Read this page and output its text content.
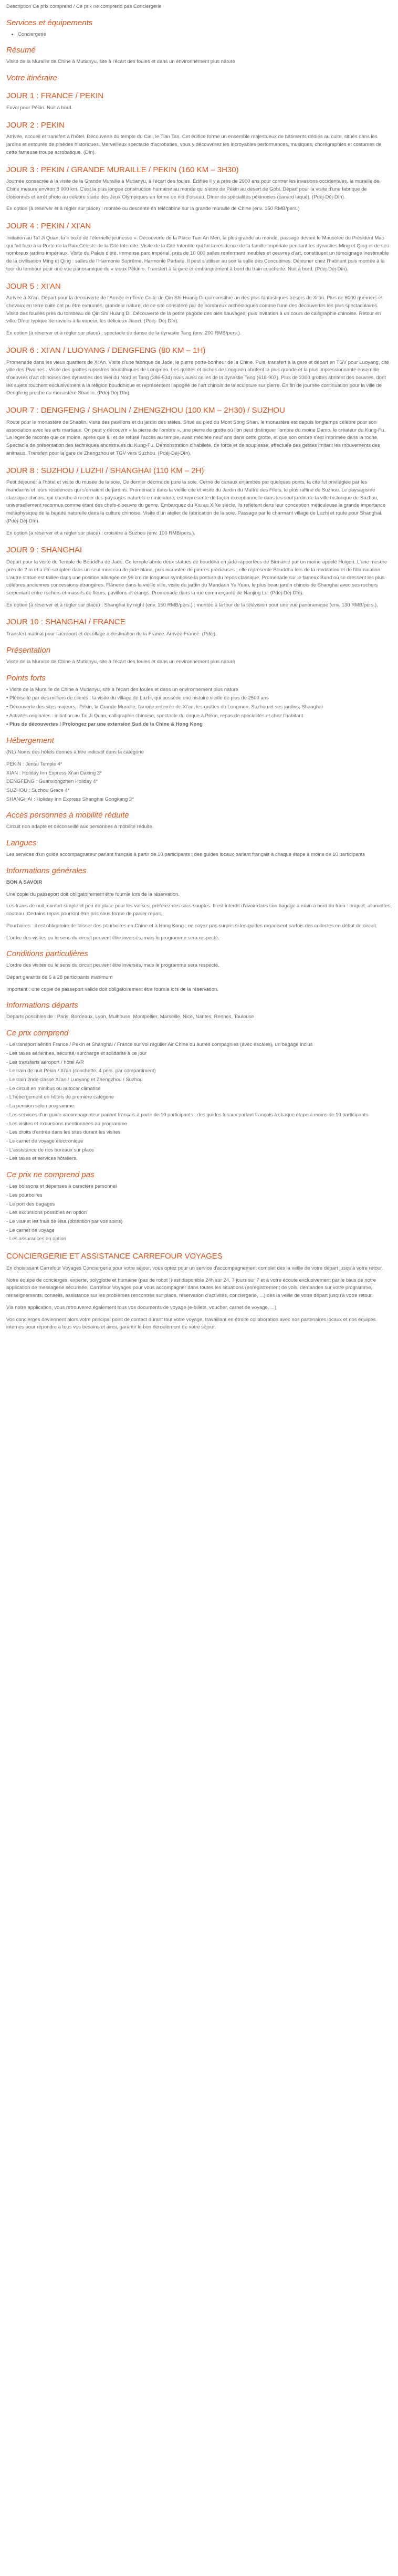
Description Ce prix comprend / Ce prix ne comprend pas Conciergerie
Services et équipements
• Conciergerie
Résumé

Visite de la Muraille de Chine à Mutianyu, site à l'écart des foules et dans un environnement plus nature

Votre itinéraire
JOUR 1 : FRANCE / PEKIN

Envol pour Pékin. Nuit à bord.

JOUR 2 : PEKIN

Arrivée, accueil et transfert à l'hôtel. Découverte du temple du Ciel, le Tian Tan. Cet édifice forme un ensemble majestueux de bâtiments dédiés au culte, situés dans les jardins et entourés de pinèdes historiques. Merveilleux spectacle d'acrobaties, vous y découvrirez les incroyables performances, musiques, chorégraphies et costumes de cette fameuse troupe acrobatique. (Dîn).

JOUR 3 : PEKIN / GRANDE MURAILLE / PEKIN (160 KM – 3H30)

Journée consacrée à la visite de la Grande Muraille à Mutianyu, à l'écart des foules. Édifiée il y a près de 2000 ans pour contrer les invasions occidentales, la muraille de Chine mesure environ 8 000 km. C'est la plus longue construction humaine au monde qui s'étire de Pékin au désert de Gobi. Départ pour la visite d'une fabrique de cloisonnés et arrêt photo au célèbre stade des Jeux Olympiques en forme de nid d'oiseau. Dîner de spécialités pékinoises (canard laqué). (Pdéj-Déj-Dîn).

En option (à réserver et à régler sur place) : montée ou descente en télécabine sur la grande muraille de Chine (env. 150 RMB/pers.)

JOUR 4 : PEKIN / XI'AN

Initiation au Taï Ji Quan, la « boxe de l'éternelle jeunesse ». Découverte de la Place Tian An Men, la plus grande au monde, passage devant le Mausolée du Président Mao qui fait face à la Porte de la Paix Céleste de la Cité Interdite. Visite de la Cité Interdite qui fut la résidence de la famille Impériale pendant les dynasties Ming et Qing et de ses nombreux jardins impériaux. Visite du Palais d'été, immense parc impérial, près de 10 000 salles renfermant meubles et oeuvres d'art, constituent un témoignage inestimable de la civilisation Ming et Qing : salles de l'Harmonie Suprême, Harmonie Parfaite. Il peut s'utiliser au soir la salle des Concubines. Déjeuner chez l'habitant puis montée à la tour du tambour pour une vue panoramique du « vieux Pékin ». Transfert à la gare et embarquement à bord du train couchette. Nuit à bord. (Pdéj-Déj-Dîn).

JOUR 5 : XI'AN

Arrivée à Xi'an. Départ pour la découverte de l'Armée en Terre Cuite de Qin Shi Huang Di qui constitue un des plus fantastiques trésors de Xi'an. Plus de 6000 guerriers et chevaux en terre cuite ont pu être exhumés, grandeur nature, de ce site considéré par de nombreux archéologues comme l'une des découvertes les plus spectaculaires. Visite des fouilles près du tombeau de Qin Shi Huang Di. Découverte de la petite pagode des oies sauvages, puis invitation à un cours de calligraphie chinoise. Retour en ville. Dîner typique de raviolis à la vapeur, les délicieux Jiaozi. (Pdéj- Déj-Dîn).

En option (à réserver et à régler sur place) : spectacle de danse de la dynastie Tang (env. 200 RMB/pers.).

JOUR 6 : XI'AN / LUOYANG / DENGFENG (80 KM – 1H)

Promenade dans les vieux quartiers de Xi'An. Visite d'une fabrique de Jade, le pierre porte-bonheur de la Chine. Puis, transfert à la gare et départ en TGV pour Luoyang, cité ville des Pivoines . Visite des grottes rupestres bouddhiques de Longmen. Les grottes et niches de Longmen abritent la plus grande et la plus impressionnante ensemble d'oeuvres d'art chinoises des dynasties des Wei du Nord et Tang (386-534) mais aussi celles de la dynastie Tang (618-907). Plus de 2300 grottes abritent des oeuvres, dont les sujets touchent exclusivement à la religion bouddhique et représentent l'apogée de l'art chinois de la sculpture sur pierre. En fin de journée continuation pour la ville de Dengfeng proche du monastère Shaolin. (Pdéj-Déj-Dîn).

JOUR 7 : DENGFENG / SHAOLIN / ZHENGZHOU (100 KM – 2H30) / SUZHOU

Route pour le monastère de Shaolin, visite des pavillons et du jardin des stèles. Situé au pied du Mont Song Shan, le monastère est depuis longtemps célèbre pour son association avec les arts martiaux. On peut y découvrir « la pierre de l'ombre », une pierre de grotte où l'on peut distinguer l'ombre du moine Damo, le créateur du Kung-Fu. La légende raconte que ce moine, après que lui et de refusé l'accès au temple, avait méditée neuf ans dans cette grotte, et que son ombre s'est imprimée dans la roche. Spectacle de présentation des techniques ancestrales du Kung-Fu. Démonstration d'habileté, de force et de souplesse, effectuée des gestes imitant les mouvements des animaux. Transfert pour la gare de Zhengzhou et TGV vers Suzhou. (Pdéj-Déj-Dîn).

JOUR 8 : SUZHOU / LUZHI / SHANGHAI (110 KM – 2H)

Petit déjeuner à l'hôtel et visite du musée de la soie. Ce dernier décrira de pure la soie. Cerné de canaux enjambés par quelques ponts, la cité fut privilégiée par les mandarins et leurs résidences qui s'ornaient de jardins. Promenade dans la vieille cité et visite du Jardin du Maître des Filets, le plus raffiné de Suzhou. Le paysagisme classique chinois, qui cherche à recréer des paysages naturels en miniature, est représenté de façon exceptionnelle dans les seul jardin de la ville historique de Suzhou, universellement reconnus comme étant des chefs-d'oeuvre du genre. Embarquez du Xiu au XIXe siècle, ils reflètent dans leur conception méticuleuse la grande importance métaphysique de la beauté naturelle dans la culture chinoise. Visite d'un atelier de fabrication de la soie. Passage par le charmant village de Luzhi et route pour Shanghai. (Pdéj-Déj-Dîn).

En option (à réserver et à régler sur place) : croisière à Suzhou (env. 100 RMB/pers.).

JOUR 9 : SHANGHAI

Départ pour la visite du Temple de Bouddha de Jade. Ce temple abrite deux statues de bouddha en jade rapportées de Birmanie par un moine appelé Huigen. L'une mesure près de 2 m et a été sculptée dans un seul morceau de jade blanc, puis incrustée de pierres précieuses ; elle représente Bouddha lors de la méditation et de l'illumination. L'autre statue est taillée dans une position allongée de 96 cm de longueur symbolise la posture du repos classique. Promenade sur le fameux Bund où se dressent les plus célèbres anciennes concessions étrangères. Flânerie dans la vieille ville, visite du jardin du Mandarin Yu Yuan, le plus beau jardin chinois de Shanghai avec ses rochers serpentant entre rochers et massifs de fleurs, pavillons et étangs. Promenade dans la rue commerçante de Nanjing Lu. (Pdéj-Déj-Dîn).

En option (à réserver et à régler sur place) : Shanghai by night (env. 150 RMB/pers.) ; montée à la tour de la télévision pour une vue panoramique (env. 130 RMB/pers.).

JOUR 10 : SHANGHAI / FRANCE

Transfert matinal pour l'aéroport et décollage à destination de la France. Arrivée France. (Pdéj).

Présentation

Visite de la Muraille de Chine à Mutianyu, site à l'écart des foules et dans un environnement plus nature

Points forts
• Visite de la Muraille de Chine à Mutianyu, site à l'écart des foules et dans un environnement plus nature
• Plébiscité par des milliers de clients : la visite du village de Luzhi, qui possède une histoire vieille de plus de 2500 ans
• Découverte des sites majeurs : Pékin, la Grande Muraille, l'armée enterrée de Xi'an, les grottes de Longmen, Suzhou et ses jardins, Shanghai
• Activités originales : initiation au Tai Ji Quan, calligraphie chinoise, spectacle du cirque à Pékin, repas de spécialités et chez l'habitant
• Plus de découvertes ! Prolongez par une extension Sud de la Chine & Hong Kong
Hébergement

(NL) Noms des hôtels donnés à titre indicatif dans la catégorie

PEKIN : Jentai Temple 4*
XIAN : Holiday Inn Express Xi'an Daxing 3*
DENGFENG : Guanxiongzhen Holiday 4*
SUZHOU : Suzhou Grace 4*
SHANGHAI : Holiday Inn Express Shanghai Gongkang 3*
Accès personnes à mobilité réduite

Circuit non adapté et déconseillé aux personnes à mobilité réduite.

Langues

Les services d'un guide accompagnateur parlant français à partir de 10 participants ; des guides locaux parlant français à chaque étape à moins de 10 participants

Informations générales

BON A SAVOIR

Une copie du passeport doit obligatoirement être fournie lors de la réservation.

Les trains de nuit, confort simple et peu de place pour les valises, préférez des sacs souples. Il est interdit d'avoir dans son bagage à main à bord du train : briquet, allumettes, couteau. Certains repas pourront être pris sous forme de panier repas.

Pourboires : il est obligatoire de laisser des pourboires en Chine et à Hong Kong ; ne soyez pas surpris si les guides organisent parfois des collectes en début de circuit.

L'ordre des visites ou le sens du circuit peuvent être inversés, mais le programme sera respecté.

Conditions particulières

L'ordre des visites ou le sens du circuit peuvent être inversés, mais le programme sera respecté.

Départ garantis de 6 à 28 participants maximum

Important : une copie de passeport valide doit obligatoirement être fournie lors de la réservation.

Informations départs

Départs possibles de : Paris, Bordeaux, Lyon, Mulhouse, Montpellier, Marseille, Nice, Nantes, Rennes, Toulouse

Ce prix comprend
- Le transport aérien France / Pékin et Shanghai / France sur vol régulier Air Chine ou autres compagnies (avec escales), un bagage inclus
- Les taxes aériennes, sécurité, surcharge et solidarité à ce jour
- Les transferts aéroport / hôtel A/R
- Le train de nuit Pékin / Xi'an (couchette, 4 pers. par compartiment)
- Le train 2nde classe Xi'an / Luoyang et Zhengzhou / Suzhou
- Le circuit en minibus ou autocar climatisé
- L'hébergement en hôtels de première catégorie
- La pension selon programme
- Les services d'un guide accompagnateur parlant français à partir de 10 participants ; des guides locaux parlant français à chaque étape à moins de 10 participants
- Les visites et excursions mentionnées au programme
- Les droits d'entrée dans les sites durant les visites
- Le carnet de voyage électronique
- L'assistance de nos bureaux sur place
- Les taxes et services hôteliers.
Ce prix ne comprend pas
- Les boissons et dépenses à caractère personnel
- Les pourboires
- Le port des bagages
- Les excursions possibles en option
- Le visa et les frais de visa (obtention par vos soins)
- Le carnet de voyage
- Les assurances en option
CONCIERGERIE ET ASSISTANCE CARREFOUR VOYAGES

En choisissant Carrefour Voyages Conciergerie pour votre séjour, vous optez pour un service d'accompagnement complet dès la veille de votre départ jusqu'à votre retour.

Notre équipe de concierges, experte, polyglotte et humaine (pas de robot !) est disponible 24h sur 24, 7 jours sur 7 et à votre écoute exclusivement par le biais de notre application de messagerie sécurisée, Carrefour Voyages pour vous accompagner dans toutes les situations (enregistrement de vols, demandes sur votre programme, renseignements, conseils, assistance sur les problèmes rencontrés sur place, réservation d'activités, conciergerie, ...) dès la veille de votre départ jusqu'à votre retour.

Via notre application, vous retrouverez également tous vos documents de voyage (e-billets, voucher, carnet de voyage, ...)

Vos concierges deviennent alors votre principal point de contact durant tout votre voyage, travaillant en étroite collaboration avec nos partenaires locaux et nos équipes internes pour répondre à tous vos besoins et ainsi, garantir le bon déroulement de votre séjour.
